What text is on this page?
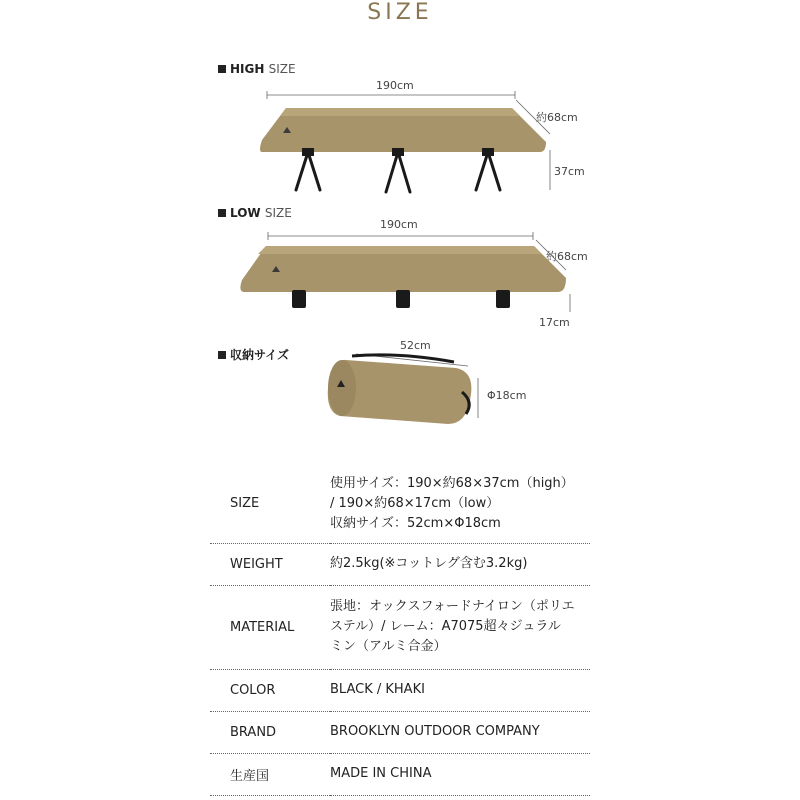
SIZE
HIGH SIZE
190cm
約68cm
37cm
LOW SIZE
190cm
約68cm
17cm
収納サイズ
52cm
Φ18cm
SIZE	使用サイズ：190×約68×37cm（high）
/ 190×約68×17cm（low）
収納サイズ：52cm×Φ18cm

WEIGHT	約2.5kg(※コットレグ含む3.2kg)

MATERIAL	張地：オックスフォードナイロン（ポリエ
ステル）/ レーム：A7075超々ジュラル
ミン（アルミ合金）

COLOR	BLACK / KHAKI

BRAND	BROOKLYN OUTDOOR COMPANY

生産国	MADE IN CHINA
